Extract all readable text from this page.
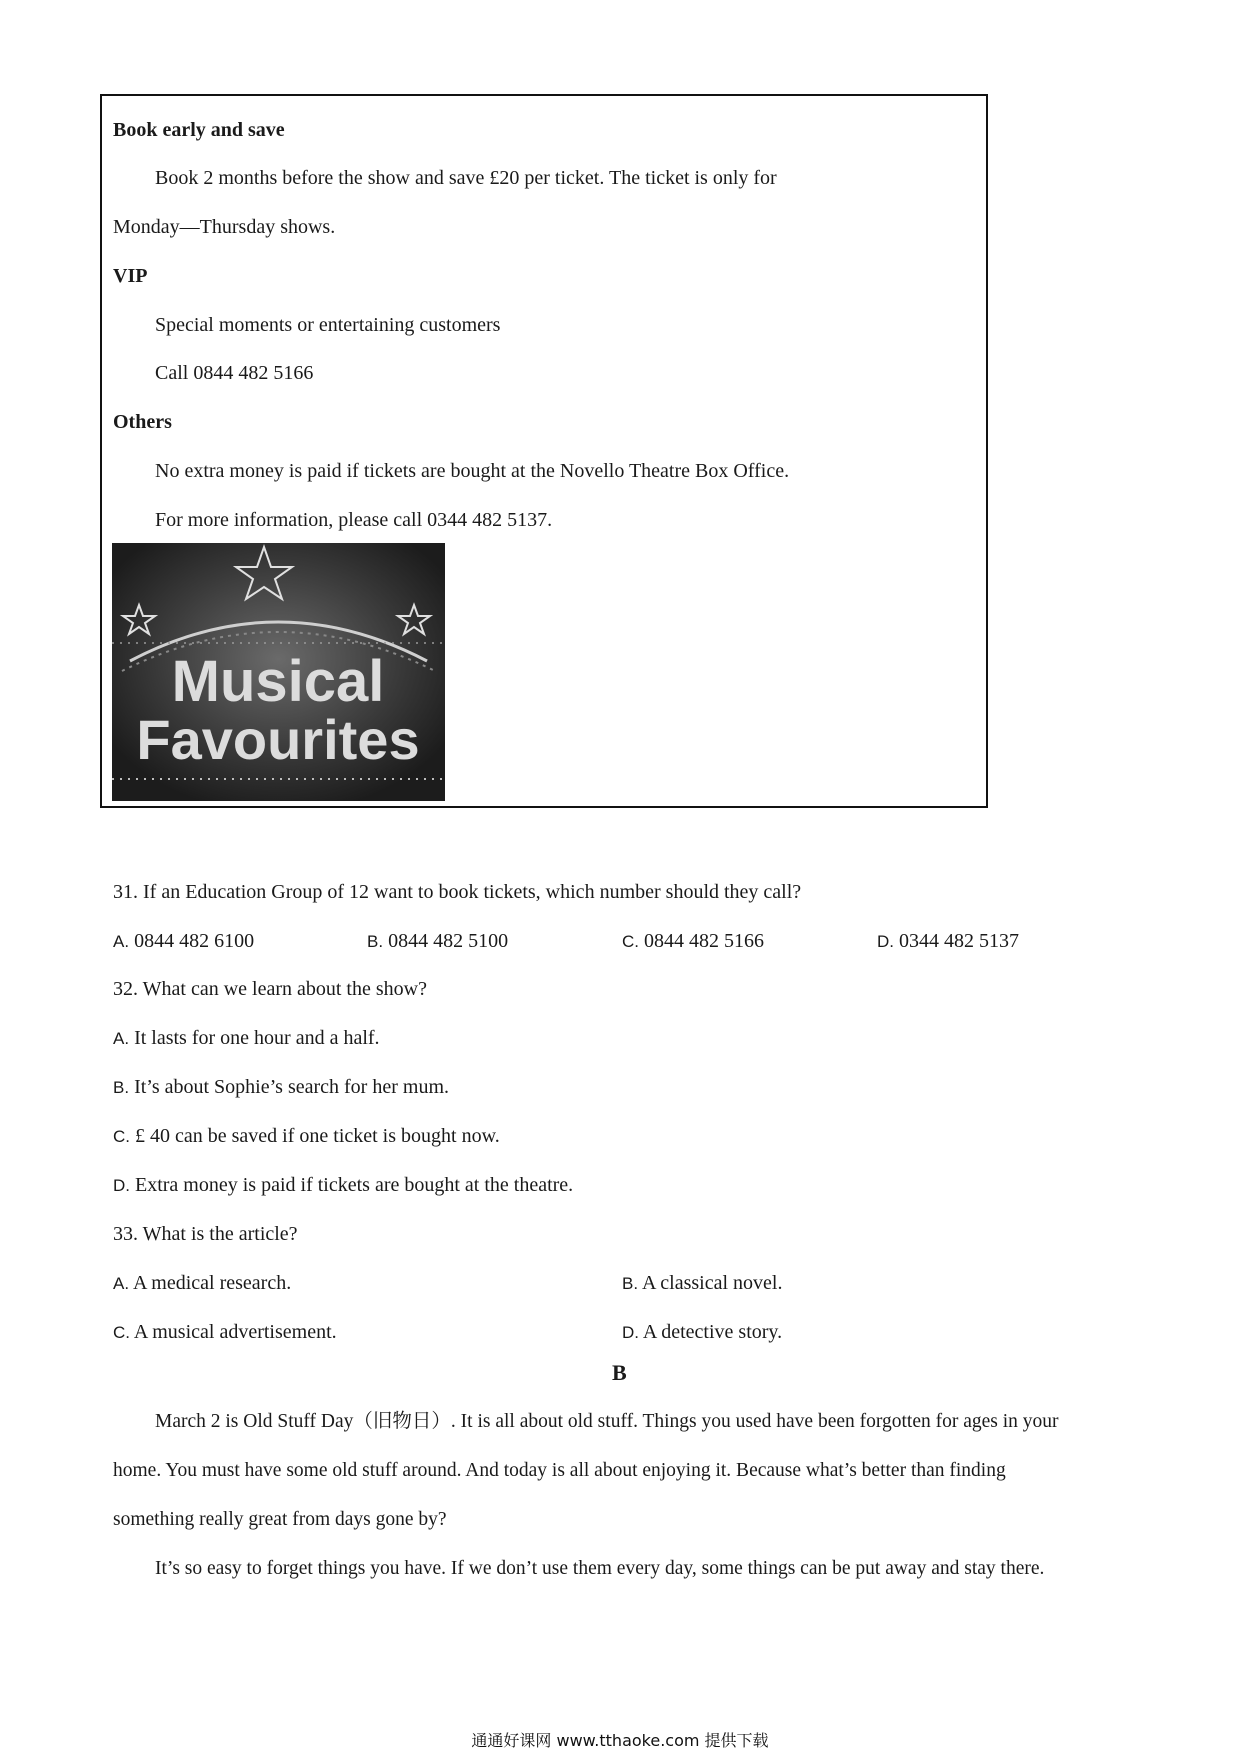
Book early and save
Book 2 months before the show and save £20 per ticket. The ticket is only for
Monday—Thursday shows.
VIP
Special moments or entertaining customers
Call 0844 482 5166
Others
No extra money is paid if tickets are bought at the Novello Theatre Box Office.
For more information, please call 0344 482 5137.
Musical
Favourites
31. If an Education Group of 12 want to book tickets, which number should they call?
A. 0844 482 6100	B. 0844 482 5100	C. 0844 482 5166	D. 0344 482 5137
32. What can we learn about the show?
A. It lasts for one hour and a half.
B. It’s about Sophie’s search for her mum.
C. £ 40 can be saved if one ticket is bought now.
D. Extra money is paid if tickets are bought at the theatre.
33. What is the article?
A. A medical research.	B. A classical novel.
C. A musical advertisement.	D. A detective story.
B
March 2 is Old Stuff Day（旧物日）. It is all about old stuff. Things you used have been forgotten for ages in your
home. You must have some old stuff around. And today is all about enjoying it. Because what’s better than finding
something really great from days gone by?
It’s so easy to forget things you have. If we don’t use them every day, some things can be put away and stay there.
通通好课网 www.tthaoke.com 提供下载
